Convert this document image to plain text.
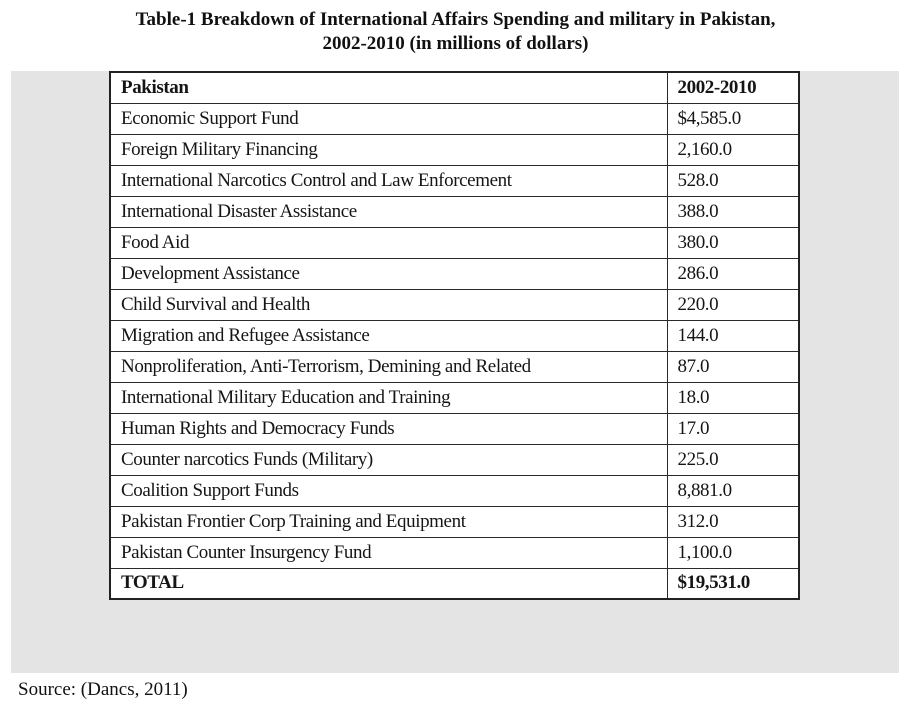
Table-1 Breakdown of International Affairs Spending and military in Pakistan,
2002-2010 (in millions of dollars)
Pakistan	2002-2010
Economic Support Fund	$4,585.0
Foreign Military Financing	2,160.0
International Narcotics Control and Law Enforcement	528.0
International Disaster Assistance	388.0
Food Aid	380.0
Development Assistance	286.0
Child Survival and Health	220.0
Migration and Refugee Assistance	144.0
Nonproliferation, Anti-Terrorism, Demining and Related	87.0
International Military Education and Training	18.0
Human Rights and Democracy Funds	17.0
Counter narcotics Funds (Military)	225.0
Coalition Support Funds	8,881.0
Pakistan Frontier Corp Training and Equipment	312.0
Pakistan Counter Insurgency Fund	1,100.0
TOTAL	$19,531.0
Source: (Dancs, 2011)
